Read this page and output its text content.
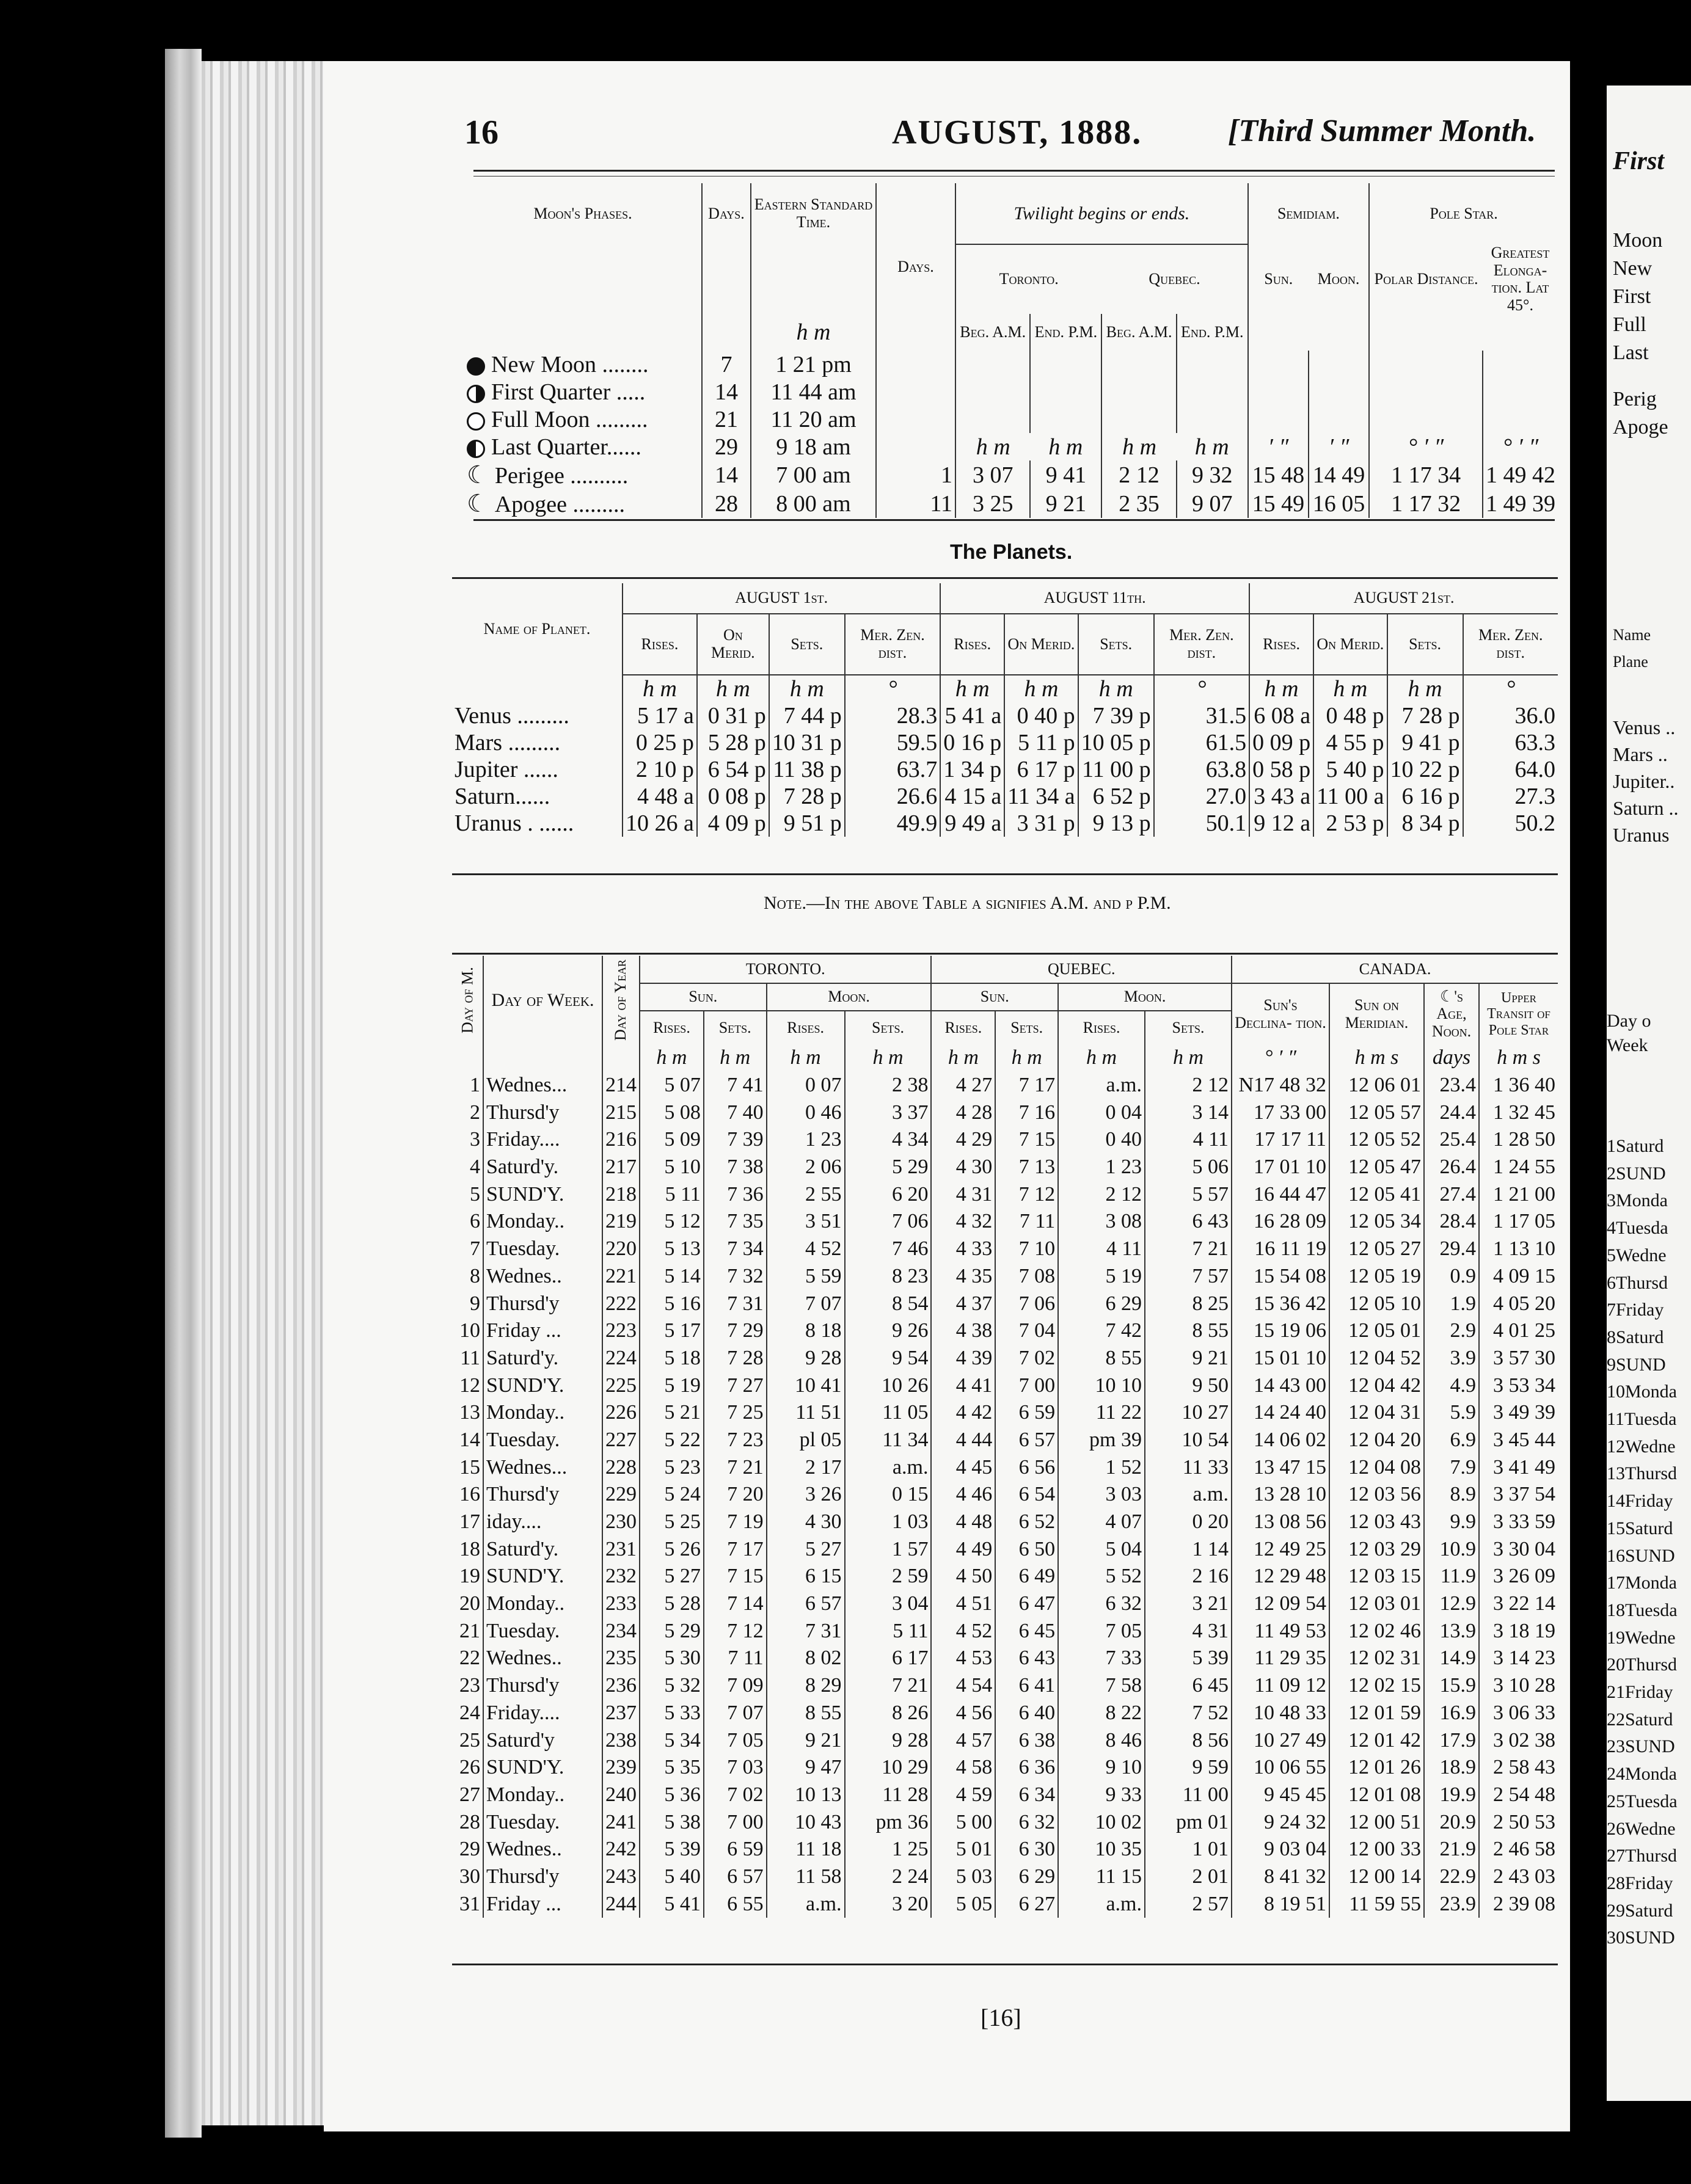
16	AUGUST, 1888.	[Third Summer Month.
Moon's Phases.	Days.	Eastern Standard Time.	Days.	Twilight begins or ends.				Semidiam.		Pole Star.	
				Toronto.		Quebec.		Sun.	Moon.	Polar Distance.	Greatest Elonga- tion. Lat 45°.
		h m		Beg. A.M.	End. P.M.	Beg. A.M.	End. P.M.				
New Moon ........	7	1 21 pm									
First Quarter .....	14	11 44 am									
Full Moon .........	21	11 20 am									
Last Quarter......	29	9 18 am		h m	h m	h m	h m	′ ″	′ ″	° ′ ″	° ′ ″
☾ Perigee ..........	14	7 00 am	1	3 07	9 41	2 12	9 32	15 48	14 49	1 17 34	1 49 42
☾ Apogee .........	28	8 00 am	11	3 25	9 21	2 35	9 07	15 49	16 05	1 17 32	1 49 39
The Planets.
Name of Planet.	AUGUST 1st.				AUGUST 11th.				AUGUST 21st.			
	Rises.	On Merid.	Sets.	Mer. Zen. dist.	Rises.	On Merid.	Sets.	Mer. Zen. dist.	Rises.	On Merid.	Sets.	Mer. Zen. dist.
	h m	h m	h m	°	h m	h m	h m	°	h m	h m	h m	°
Venus .........	5 17 a	0 31 p	7 44 p	28.3	5 41 a	0 40 p	7 39 p	31.5	6 08 a	0 48 p	7 28 p	36.0
Mars .........	0 25 p	5 28 p	10 31 p	59.5	0 16 p	5 11 p	10 05 p	61.5	0 09 p	4 55 p	9 41 p	63.3
Jupiter ......	2 10 p	6 54 p	11 38 p	63.7	1 34 p	6 17 p	11 00 p	63.8	0 58 p	5 40 p	10 22 p	64.0
Saturn......	4 48 a	0 08 p	7 28 p	26.6	4 15 a	11 34 a	6 52 p	27.0	3 43 a	11 00 a	6 16 p	27.3
Uranus . ......	10 26 a	4 09 p	9 51 p	49.9	9 49 a	3 31 p	9 13 p	50.1	9 12 a	2 53 p	8 34 p	50.2
Note.—In the above Table a signifies A.M. and p P.M.
Day of M.	Day of Week.	Day of Year	TORONTO.				QUEBEC.				CANADA.			
			Sun.		Moon.		Sun.		Moon.		Sun's Declina- tion.	Sun on Meridian.	☾'s Age, Noon.	Upper Transit of Pole Star
			Rises.	Sets.	Rises.	Sets.	Rises.	Sets.	Rises.	Sets.				
			h m	h m	h m	h m	h m	h m	h m	h m	° ′ ″	h m s	days	h m s
1	Wednes...	214	5 07	7 41	0 07	2 38	4 27	7 17	a.m.	2 12	N17 48 32	12 06 01	23.4	1 36 40
2	Thursd'y	215	5 08	7 40	0 46	3 37	4 28	7 16	0 04	3 14	17 33 00	12 05 57	24.4	1 32 45
3	Friday....	216	5 09	7 39	1 23	4 34	4 29	7 15	0 40	4 11	17 17 11	12 05 52	25.4	1 28 50
4	Saturd'y.	217	5 10	7 38	2 06	5 29	4 30	7 13	1 23	5 06	17 01 10	12 05 47	26.4	1 24 55
5	SUND'Y.	218	5 11	7 36	2 55	6 20	4 31	7 12	2 12	5 57	16 44 47	12 05 41	27.4	1 21 00
6	Monday..	219	5 12	7 35	3 51	7 06	4 32	7 11	3 08	6 43	16 28 09	12 05 34	28.4	1 17 05
7	Tuesday.	220	5 13	7 34	4 52	7 46	4 33	7 10	4 11	7 21	16 11 19	12 05 27	29.4	1 13 10
8	Wednes..	221	5 14	7 32	5 59	8 23	4 35	7 08	5 19	7 57	15 54 08	12 05 19	0.9	4 09 15
9	Thursd'y	222	5 16	7 31	7 07	8 54	4 37	7 06	6 29	8 25	15 36 42	12 05 10	1.9	4 05 20
10	Friday ...	223	5 17	7 29	8 18	9 26	4 38	7 04	7 42	8 55	15 19 06	12 05 01	2.9	4 01 25
11	Saturd'y.	224	5 18	7 28	9 28	9 54	4 39	7 02	8 55	9 21	15 01 10	12 04 52	3.9	3 57 30
12	SUND'Y.	225	5 19	7 27	10 41	10 26	4 41	7 00	10 10	9 50	14 43 00	12 04 42	4.9	3 53 34
13	Monday..	226	5 21	7 25	11 51	11 05	4 42	6 59	11 22	10 27	14 24 40	12 04 31	5.9	3 49 39
14	Tuesday.	227	5 22	7 23	pl 05	11 34	4 44	6 57	pm 39	10 54	14 06 02	12 04 20	6.9	3 45 44
15	Wednes...	228	5 23	7 21	2 17	a.m.	4 45	6 56	1 52	11 33	13 47 15	12 04 08	7.9	3 41 49
16	Thursd'y	229	5 24	7 20	3 26	0 15	4 46	6 54	3 03	a.m.	13 28 10	12 03 56	8.9	3 37 54
17	iday....	230	5 25	7 19	4 30	1 03	4 48	6 52	4 07	0 20	13 08 56	12 03 43	9.9	3 33 59
18	Saturd'y.	231	5 26	7 17	5 27	1 57	4 49	6 50	5 04	1 14	12 49 25	12 03 29	10.9	3 30 04
19	SUND'Y.	232	5 27	7 15	6 15	2 59	4 50	6 49	5 52	2 16	12 29 48	12 03 15	11.9	3 26 09
20	Monday..	233	5 28	7 14	6 57	3 04	4 51	6 47	6 32	3 21	12 09 54	12 03 01	12.9	3 22 14
21	Tuesday.	234	5 29	7 12	7 31	5 11	4 52	6 45	7 05	4 31	11 49 53	12 02 46	13.9	3 18 19
22	Wednes..	235	5 30	7 11	8 02	6 17	4 53	6 43	7 33	5 39	11 29 35	12 02 31	14.9	3 14 23
23	Thursd'y	236	5 32	7 09	8 29	7 21	4 54	6 41	7 58	6 45	11 09 12	12 02 15	15.9	3 10 28
24	Friday....	237	5 33	7 07	8 55	8 26	4 56	6 40	8 22	7 52	10 48 33	12 01 59	16.9	3 06 33
25	Saturd'y	238	5 34	7 05	9 21	9 28	4 57	6 38	8 46	8 56	10 27 49	12 01 42	17.9	3 02 38
26	SUND'Y.	239	5 35	7 03	9 47	10 29	4 58	6 36	9 10	9 59	10 06 55	12 01 26	18.9	2 58 43
27	Monday..	240	5 36	7 02	10 13	11 28	4 59	6 34	9 33	11 00	9 45 45	12 01 08	19.9	2 54 48
28	Tuesday.	241	5 38	7 00	10 43	pm 36	5 00	6 32	10 02	pm 01	9 24 32	12 00 51	20.9	2 50 53
29	Wednes..	242	5 39	6 59	11 18	1 25	5 01	6 30	10 35	1 01	9 03 04	12 00 33	21.9	2 46 58
30	Thursd'y	243	5 40	6 57	11 58	2 24	5 03	6 29	11 15	2 01	8 41 32	12 00 14	22.9	2 43 03
31	Friday ...	244	5 41	6 55	a.m.	3 20	5 05	6 27	a.m.	2 57	8 19 51	11 59 55	23.9	2 39 08
[16]
First
Moon
New
First
Full
Last
Perig
Apoge
Name
Plane
Venus ..
Mars ..
Jupiter..
Saturn ..
Uranus
Day o
Week
1Saturd
2SUND
3Monda
4Tuesda
5Wedne
6Thursd
7Friday
8Saturd
9SUND
10Monda
11Tuesda
12Wedne
13Thursd
14Friday
15Saturd
16SUND
17Monda
18Tuesda
19Wedne
20Thursd
21Friday
22Saturd
23SUND
24Monda
25Tuesda
26Wedne
27Thursd
28Friday
29Saturd
30SUND
